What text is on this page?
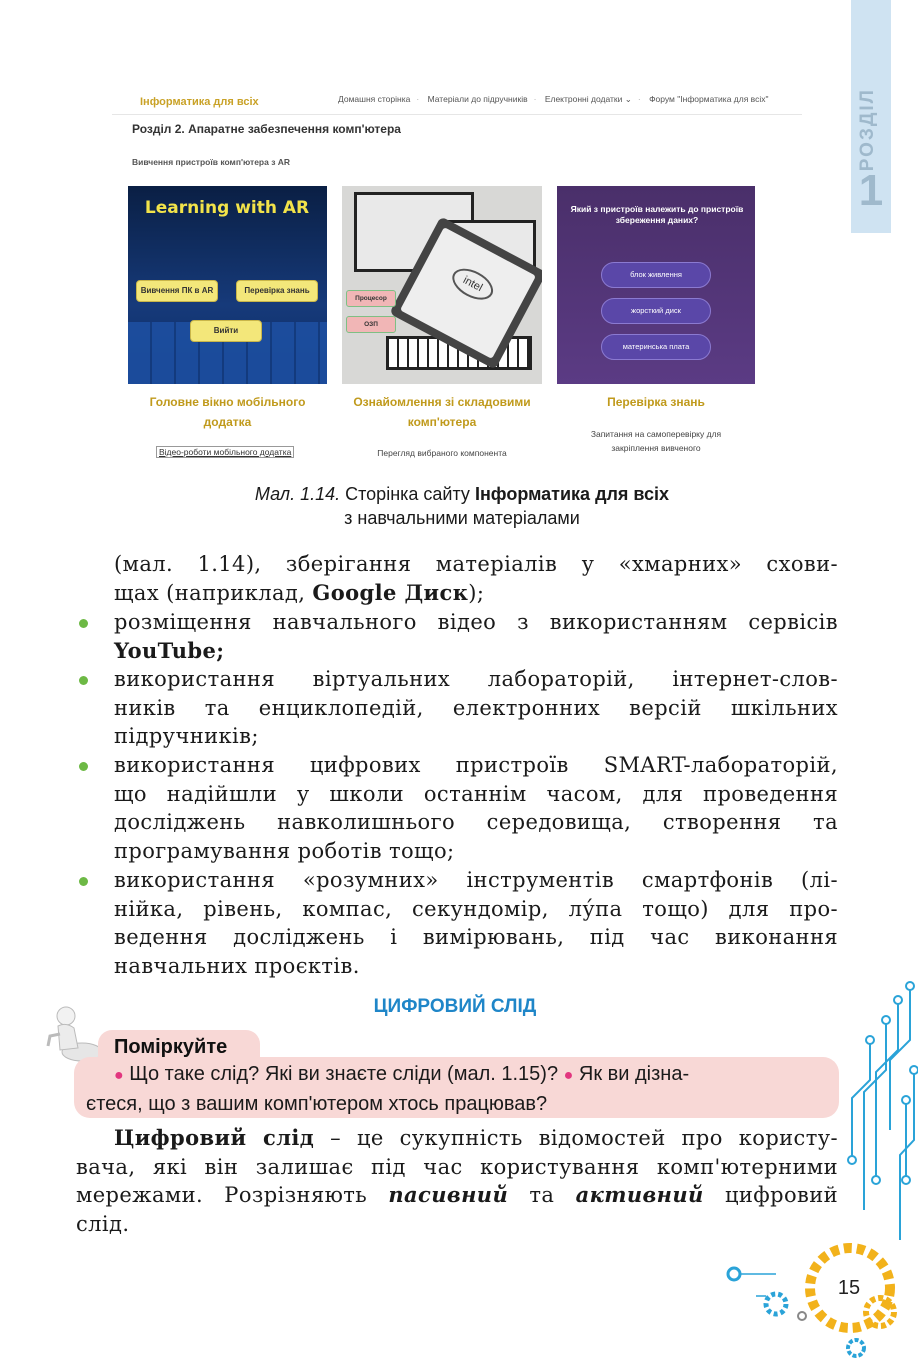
РОЗДІЛ
1
Інформатика для всіх	Домашня сторінка · Матеріали до підручників · Електронні додатки ⌄ · Форум "Інформатика для всіх"
Розділ 2. Апаратне забезпечення комп'ютера
Вивчення пристроїв комп'ютера з AR
Learning with AR
Вивчення ПК в AR	Перевірка знань
Вийти
intel
Процесор
ОЗП
Який з пристроїв належить до пристроїв збереження даних?
блок живлення
жорсткий диск
материнська плата
Головне вікно мобільного
додатка
Відео-роботи мобільного додатка
Ознайомлення зі складовими
комп'ютера
Перегляд вибраного компонента
Перевірка знань
Запитання на самоперевірку для
закріплення вивченого
Мал. 1.14. Сторінка сайту Інформатика для всіх
з навчальними матеріалами
(мал. 1.14), зберігання матеріалів у «хмарних» схови-
щах (наприклад, Google Диск);
розміщення навчального відео з використанням сервісів
YouTube;
використання віртуальних лабораторій, інтернет-слов-
ників та енциклопедій, електронних версій шкільних
підручників;
використання цифрових пристроїв SMART-лабораторій,
що надійшли у школи останнім часом, для проведення
досліджень навколишнього середовища, створення та
програмування роботів тощо;
використання «розумних» інструментів смартфонів (лі-
нійка, рівень, компас, секундомір, лу́па тощо) для про-
ведення досліджень і вимірювань, під час виконання
навчальних проєктів.
ЦИФРОВИЙ СЛІД
● Що таке слід? Які ви знаєте сліди (мал. 1.15)? ● Як ви дізна-
єтеся, що з вашим комп'ютером хтось працював?
Поміркуйте
Цифровий слід – це сукупність відомостей про користу-
вача, які він залишає під час користування комп'ютерними
мережами. Розрізняють пасивний та активний цифровий
слід.
15
